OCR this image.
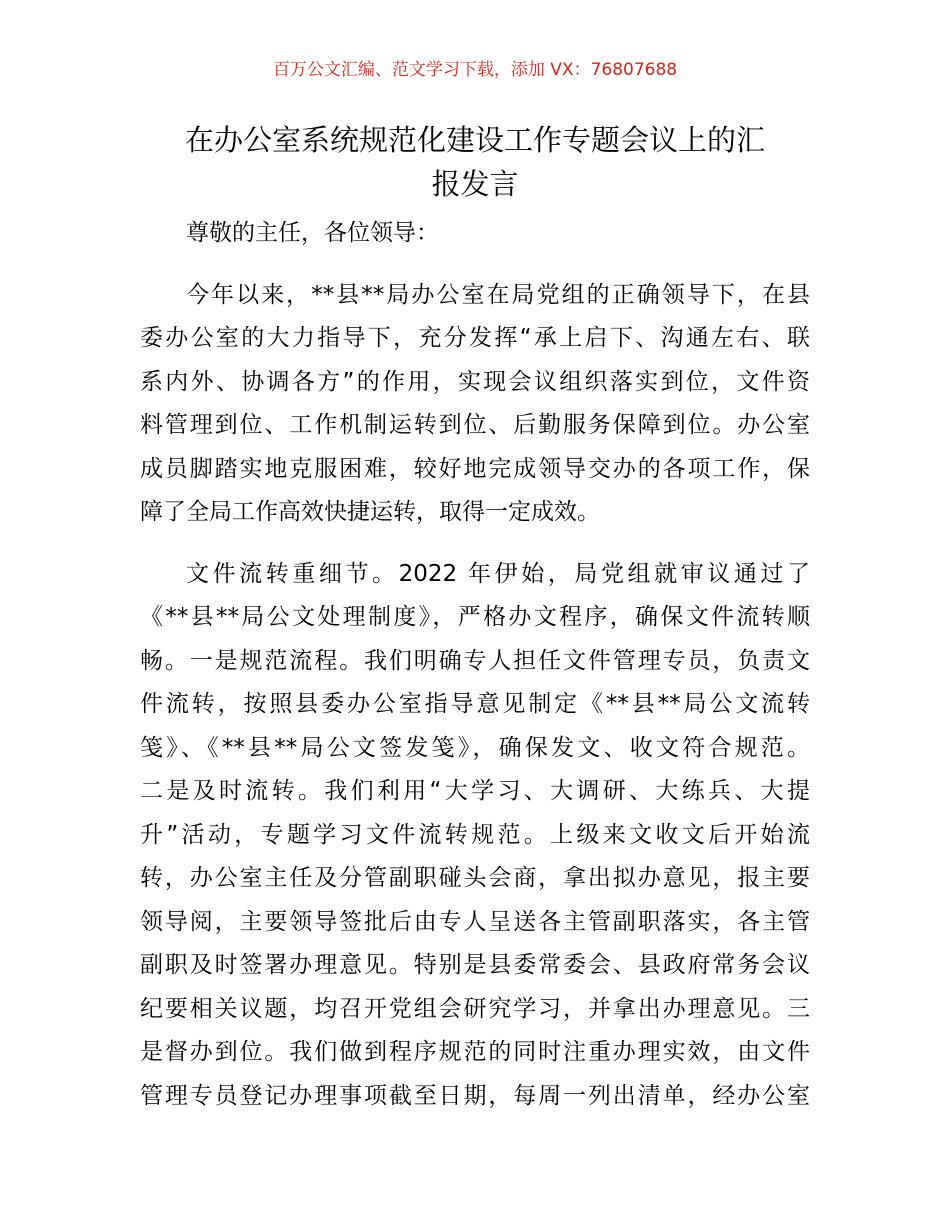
百万公文汇编、范文学习下载，添加 VX：76807688
在办公室系统规范化建设工作专题会议上的汇
报发言
尊敬的主任，各位领导：
今年以来，**县**局办公室在局党组的正确领导下，在县
委办公室的大力指导下，充分发挥“承上启下、沟通左右、联
系内外、协调各方”的作用，实现会议组织落实到位，文件资
料管理到位、工作机制运转到位、后勤服务保障到位。办公室
成员脚踏实地克服困难，较好地完成领导交办的各项工作，保
障了全局工作高效快捷运转，取得一定成效。
文件流转重细节。2022 年伊始，局党组就审议通过了
《**县**局公文处理制度》，严格办文程序，确保文件流转顺
畅。一是规范流程。我们明确专人担任文件管理专员，负责文
件流转，按照县委办公室指导意见制定《**县**局公文流转
笺》、《**县**局公文签发笺》，确保发文、收文符合规范。
二是及时流转。我们利用“大学习、大调研、大练兵、大提
升”活动，专题学习文件流转规范。上级来文收文后开始流
转，办公室主任及分管副职碰头会商，拿出拟办意见，报主要
领导阅，主要领导签批后由专人呈送各主管副职落实，各主管
副职及时签署办理意见。特别是县委常委会、县政府常务会议
纪要相关议题，均召开党组会研究学习，并拿出办理意见。三
是督办到位。我们做到程序规范的同时注重办理实效，由文件
管理专员登记办理事项截至日期，每周一列出清单，经办公室
